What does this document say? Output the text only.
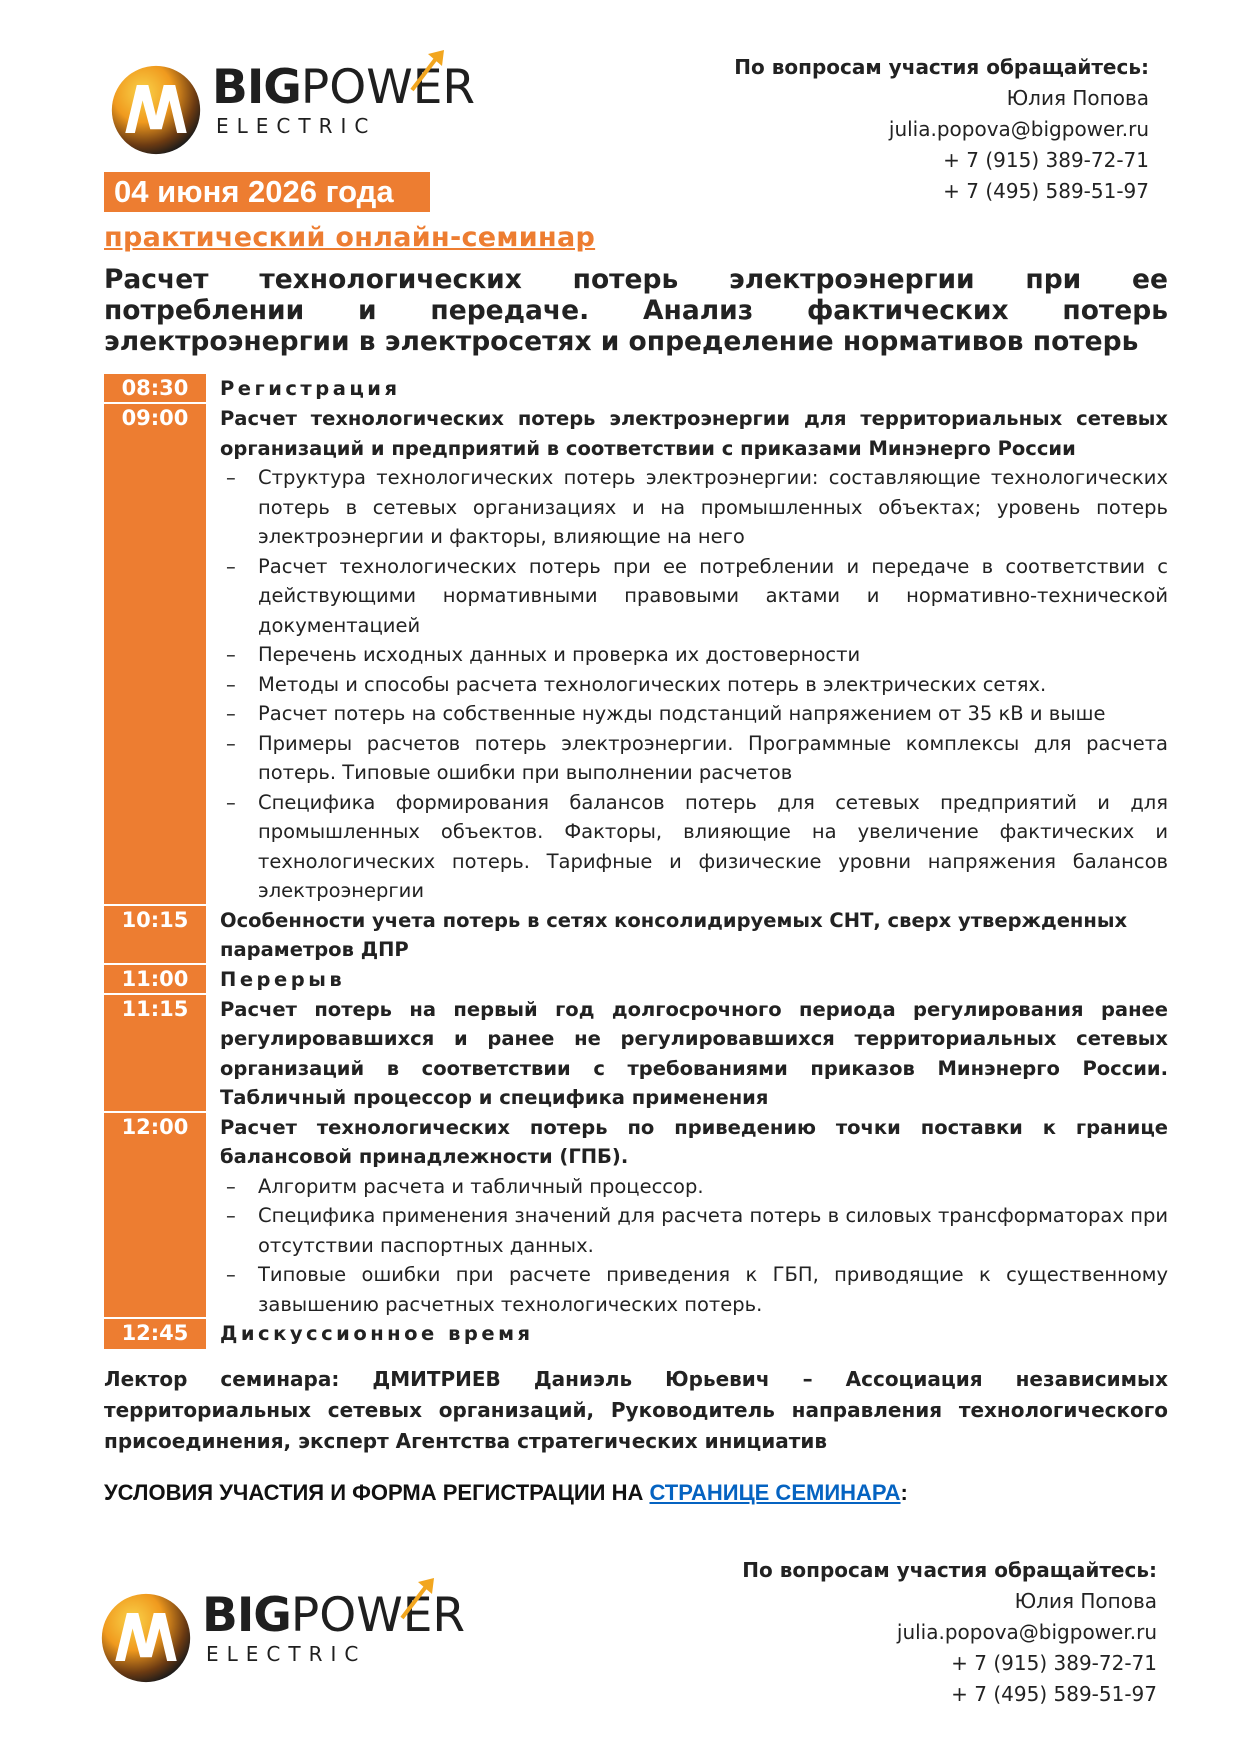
BIGPOWER
ELECTRIC
По вопросам участия обращайтесь:
Юлия Попова
julia.popova@bigpower.ru
+ 7 (915) 389-72-71
+ 7 (495) 589-51-97
04 июня 2026 года
практический онлайн-семинар
Расчет технологических потерь электроэнергии при ее потреблении и передаче. Анализ фактических потерь электроэнергии в электросетях и определение нормативов потерь
08:30	Регистрация
09:00	Расчет технологических потерь электроэнергии для территориальных сетевых организаций и предприятий в соответствии с приказами Минэнерго России
– Структура технологических потерь электроэнергии: составляющие технологических потерь в сетевых организациях и на промышленных объектах; уровень потерь электроэнергии и факторы, влияющие на него
– Расчет технологических потерь при ее потреблении и передаче в соответствии с действующими нормативными правовыми актами и нормативно-технической документацией
– Перечень исходных данных и проверка их достоверности
– Методы и способы расчета технологических потерь в электрических сетях.
– Расчет потерь на собственные нужды подстанций напряжением от 35 кВ и выше
– Примеры расчетов потерь электроэнергии. Программные комплексы для расчета потерь. Типовые ошибки при выполнении расчетов
– Специфика формирования балансов потерь для сетевых предприятий и для промышленных объектов. Факторы, влияющие на увеличение фактических и технологических потерь. Тарифные и физические уровни напряжения балансов электроэнергии
10:15	Особенности учета потерь в сетях консолидируемых СНТ, сверх утвержденных параметров ДПР
11:00	Перерыв
11:15	Расчет потерь на первый год долгосрочного периода регулирования ранее регулировавшихся и ранее не регулировавшихся территориальных сетевых организаций в соответствии с требованиями приказов Минэнерго России. Табличный процессор и специфика применения
12:00	Расчет технологических потерь по приведению точки поставки к границе балансовой принадлежности (ГПБ).
– Алгоритм расчета и табличный процессор.
– Специфика применения значений для расчета потерь в силовых трансформаторах при отсутствии паспортных данных.
– Типовые ошибки при расчете приведения к ГБП, приводящие к существенному завышению расчетных технологических потерь.
12:45	Дискуссионное время
Лектор семинара: ДМИТРИЕВ Даниэль Юрьевич – Ассоциация независимых территориальных сетевых организаций, Руководитель направления технологического присоединения, эксперт Агентства стратегических инициатив
УСЛОВИЯ УЧАСТИЯ И ФОРМА РЕГИСТРАЦИИ НА СТРАНИЦЕ СЕМИНАРА:
BIGPOWER
ELECTRIC
По вопросам участия обращайтесь:
Юлия Попова
julia.popova@bigpower.ru
+ 7 (915) 389-72-71
+ 7 (495) 589-51-97
